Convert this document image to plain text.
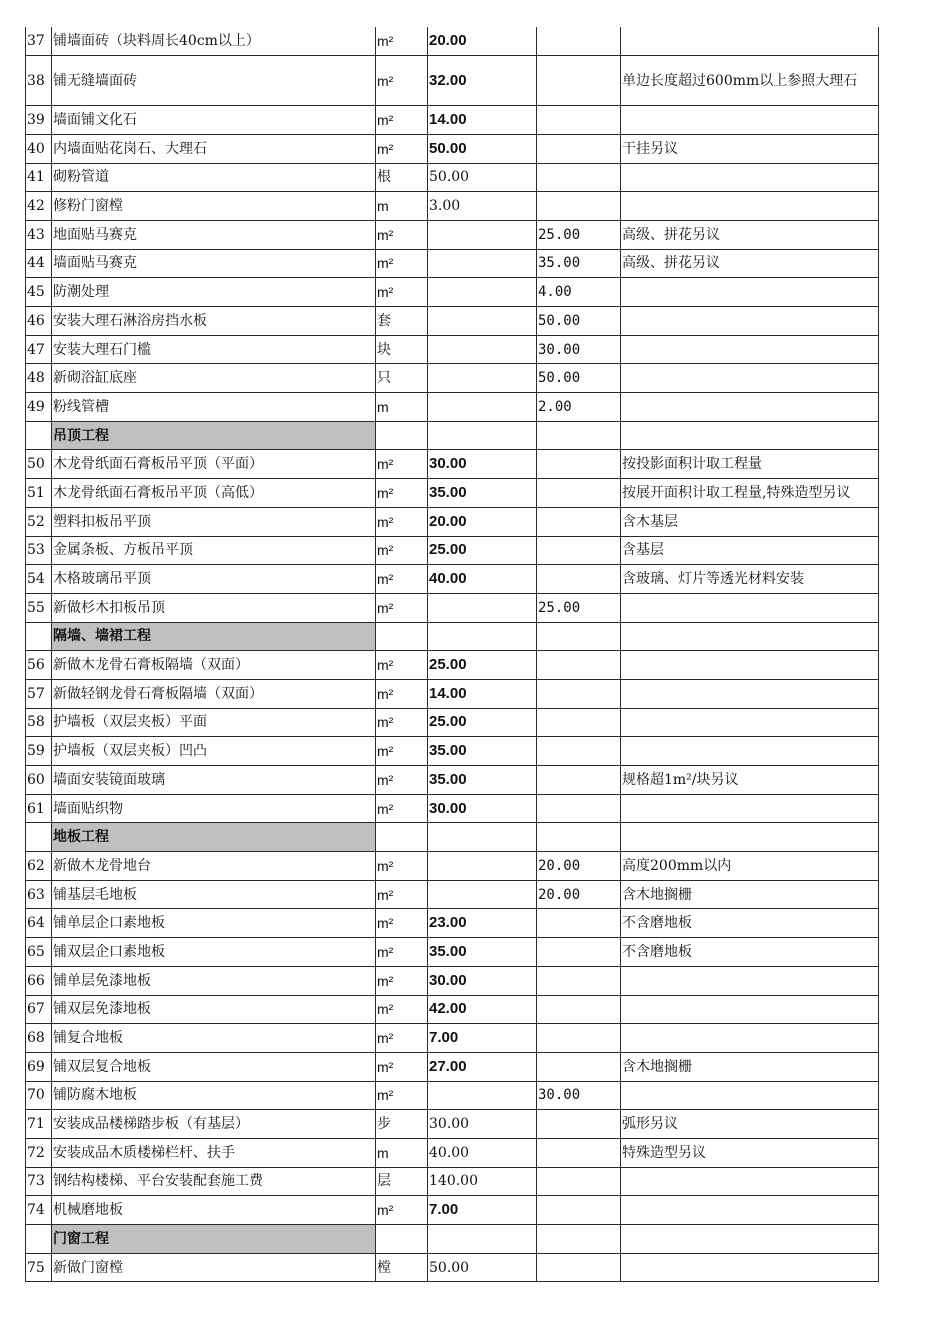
37	铺墙面砖（块料周长40cm以上）	m²	20.00		
38	铺无缝墙面砖	m²	32.00		单边长度超过600mm以上参照大理石
39	墙面铺文化石	m²	14.00		
40	内墙面贴花岗石、大理石	m²	50.00		干挂另议
41	砌粉管道	根	50.00		
42	修粉门窗樘	m	3.00		
43	地面贴马赛克	m²		25.00	高级、拼花另议
44	墙面贴马赛克	m²		35.00	高级、拼花另议
45	防潮处理	m²		4.00	
46	安装大理石淋浴房挡水板	套		50.00	
47	安装大理石门槛	块		30.00	
48	新砌浴缸底座	只		50.00	
49	粉线管槽	m		2.00	
	吊顶工程				
50	木龙骨纸面石膏板吊平顶（平面）	m²	30.00		按投影面积计取工程量
51	木龙骨纸面石膏板吊平顶（高低）	m²	35.00		按展开面积计取工程量,特殊造型另议
52	塑料扣板吊平顶	m²	20.00		含木基层
53	金属条板、方板吊平顶	m²	25.00		含基层
54	木格玻璃吊平顶	m²	40.00		含玻璃、灯片等透光材料安装
55	新做杉木扣板吊顶	m²		25.00	
	隔墙、墙裙工程				
56	新做木龙骨石膏板隔墙（双面）	m²	25.00		
57	新做轻钢龙骨石膏板隔墙（双面）	m²	14.00		
58	护墙板（双层夹板）平面	m²	25.00		
59	护墙板（双层夹板）凹凸	m²	35.00		
60	墙面安装镜面玻璃	m²	35.00		规格超1m²/块另议
61	墙面贴织物	m²	30.00		
	地板工程				
62	新做木龙骨地台	m²		20.00	高度200mm以内
63	铺基层毛地板	m²		20.00	含木地搁栅
64	铺单层企口素地板	m²	23.00		不含磨地板
65	铺双层企口素地板	m²	35.00		不含磨地板
66	铺单层免漆地板	m²	30.00		
67	铺双层免漆地板	m²	42.00		
68	铺复合地板	m²	7.00		
69	铺双层复合地板	m²	27.00		含木地搁栅
70	铺防腐木地板	m²		30.00	
71	安装成品楼梯踏步板（有基层）	步	30.00		弧形另议
72	安装成品木质楼梯栏杆、扶手	m	40.00		特殊造型另议
73	钢结构楼梯、平台安装配套施工费	层	140.00		
74	机械磨地板	m²	7.00		
	门窗工程				
75	新做门窗樘	樘	50.00		
